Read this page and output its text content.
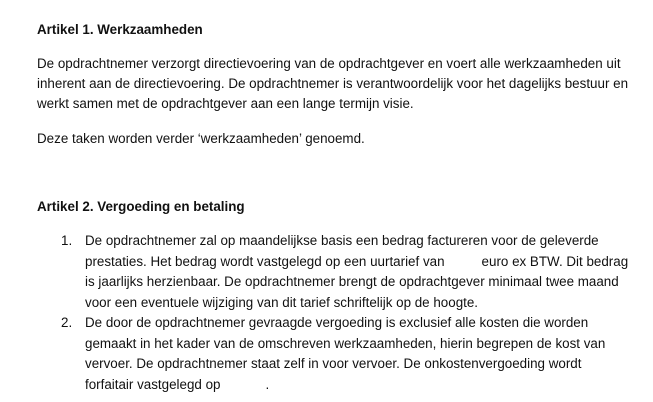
Artikel 1. Werkzaamheden
De opdrachtnemer verzorgt directievoering van de opdrachtgever en voert alle werkzaamheden uit
inherent aan de directievoering. De opdrachtnemer is verantwoordelijk voor het dagelijks bestuur en
werkt samen met de opdrachtgever aan een lange termijn visie.
Deze taken worden verder ‘werkzaamheden’ genoemd.
Artikel 2. Vergoeding en betaling
1. De opdrachtnemer zal op maandelijkse basis een bedrag factureren voor de geleverde
prestaties. Het bedrag wordt vastgelegd op een uurtarief van	euro ex BTW. Dit bedrag
is jaarlijks herzienbaar. De opdrachtnemer brengt de opdrachtgever minimaal twee maand
voor een eventuele wijziging van dit tarief schriftelijk op de hoogte.
2. De door de opdrachtnemer gevraagde vergoeding is exclusief alle kosten die worden
gemaakt in het kader van de omschreven werkzaamheden, hierin begrepen de kost van
vervoer. De opdrachtnemer staat zelf in voor vervoer. De onkostenvergoeding wordt
forfaitair vastgelegd op	.
